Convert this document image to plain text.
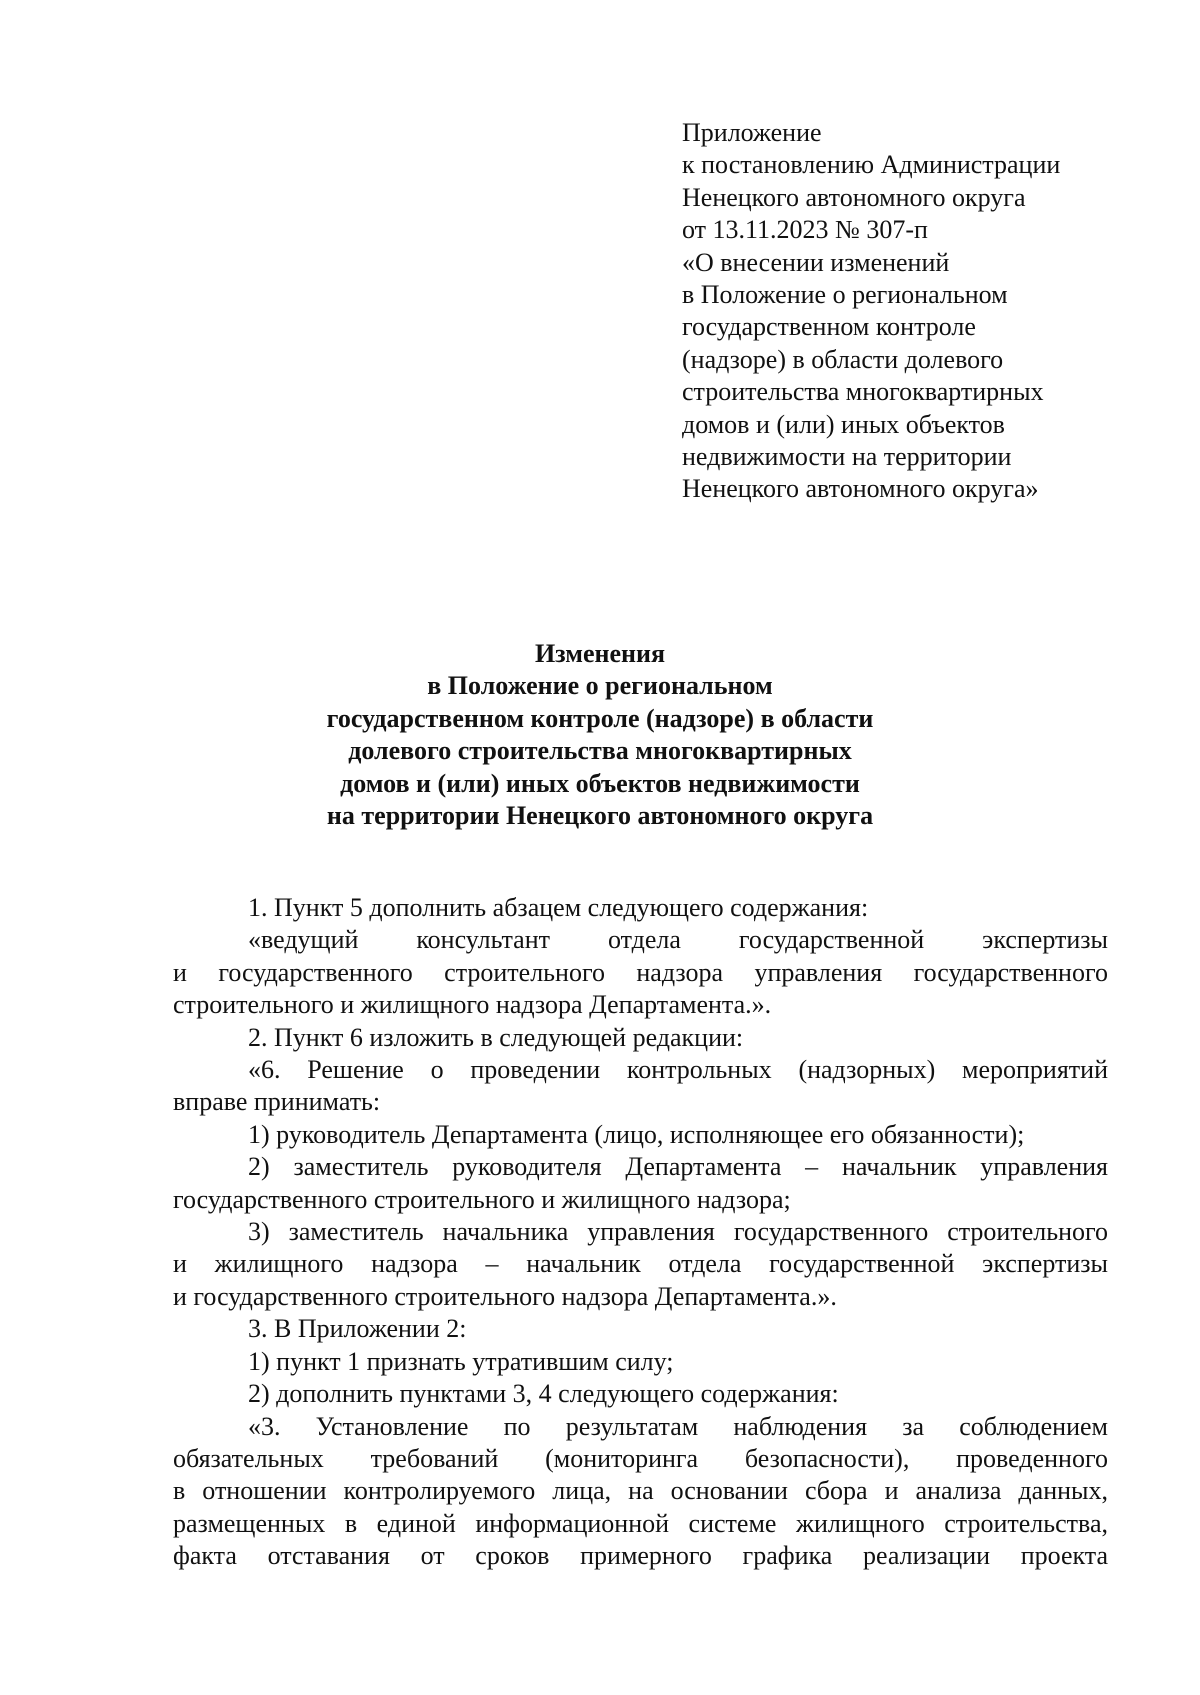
Приложение
к постановлению Администрации
Ненецкого автономного округа
от 13.11.2023 № 307-п
«О внесении изменений
в Положение о региональном
государственном контроле
(надзоре) в области долевого
строительства многоквартирных
домов и (или) иных объектов
недвижимости на территории
Ненецкого автономного округа»
Изменения
в Положение о региональном
государственном контроле (надзоре) в области
долевого строительства многоквартирных
домов и (или) иных объектов недвижимости
на территории Ненецкого автономного округа
1. Пункт 5 дополнить абзацем следующего содержания:
«ведущий консультант отдела государственной экспертизы
и государственного строительного надзора управления государственного
строительного и жилищного надзора Департамента.».
2. Пункт 6 изложить в следующей редакции:
«6. Решение о проведении контрольных (надзорных) мероприятий
вправе принимать:
1) руководитель Департамента (лицо, исполняющее его обязанности);
2) заместитель руководителя Департамента – начальник управления
государственного строительного и жилищного надзора;
3) заместитель начальника управления государственного строительного
и жилищного надзора – начальник отдела государственной экспертизы
и государственного строительного надзора Департамента.».
3. В Приложении 2:
1) пункт 1 признать утратившим силу;
2) дополнить пунктами 3, 4 следующего содержания:
«3. Установление по результатам наблюдения за соблюдением
обязательных требований (мониторинга безопасности), проведенного
в отношении контролируемого лица, на основании сбора и анализа данных,
размещенных в единой информационной системе жилищного строительства,
факта отставания от сроков примерного графика реализации проекта
